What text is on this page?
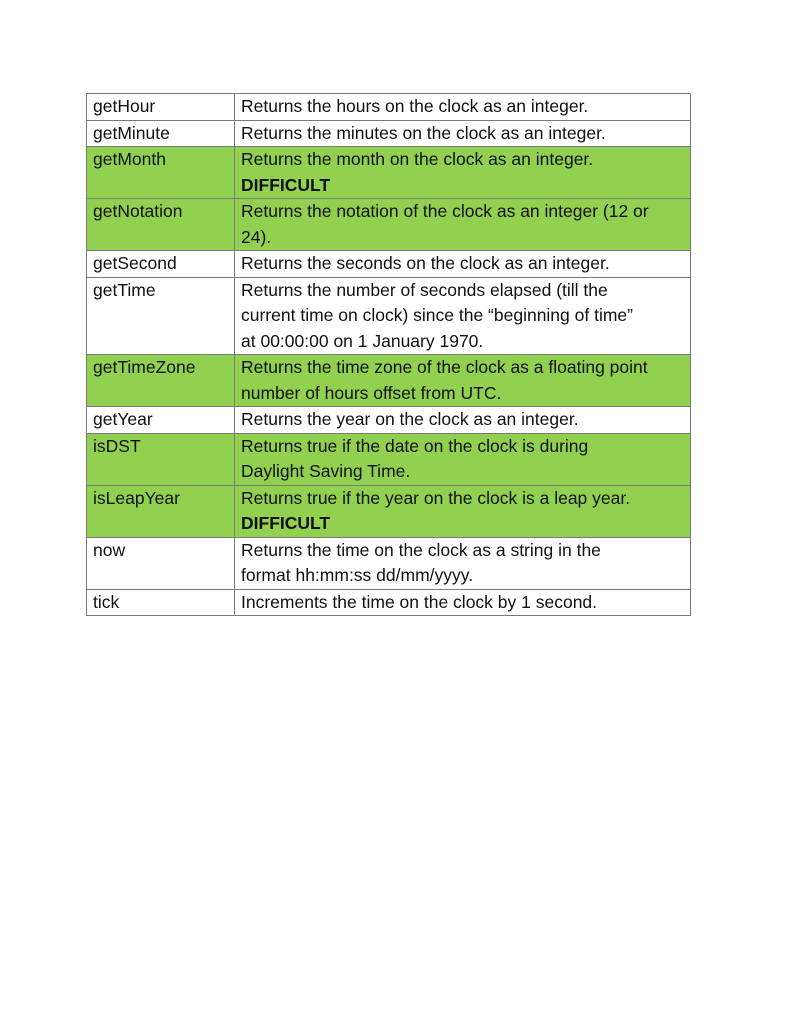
getHour	Returns the hours on the clock as an integer.

getMinute	Returns the minutes on the clock as an integer.

getMonth	Returns the month on the clock as an integer.
DIFFICULT

getNotation	Returns the notation of the clock as an integer (12 or
24).

getSecond	Returns the seconds on the clock as an integer.

getTime	Returns the number of seconds elapsed (till the
current time on clock) since the “beginning of time”
at 00:00:00 on 1 January 1970.

getTimeZone	Returns the time zone of the clock as a floating point
number of hours offset from UTC.

getYear	Returns the year on the clock as an integer.

isDST	Returns true if the date on the clock is during
Daylight Saving Time.

isLeapYear	Returns true if the year on the clock is a leap year.
DIFFICULT

now	Returns the time on the clock as a string in the
format hh:mm:ss dd/mm/yyyy.

tick	Increments the time on the clock by 1 second.
